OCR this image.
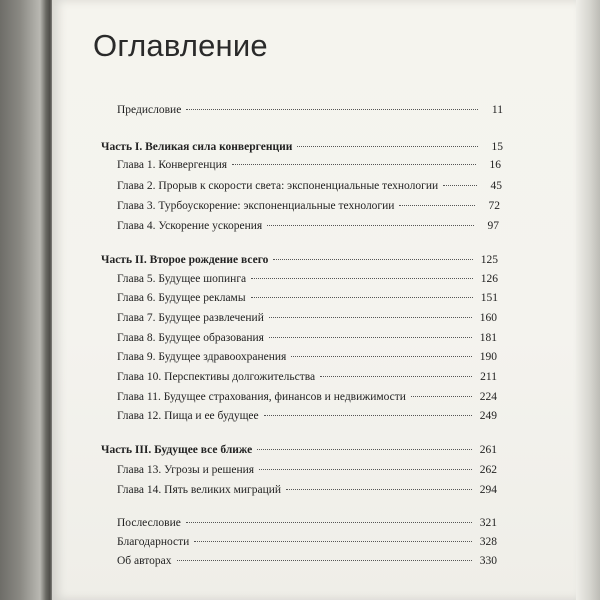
Оглавление
Предисловие	11
Часть I. Великая сила конвергенции	15
Глава 1. Конвергенция	16
Глава 2. Прорыв к скорости света: экспоненциальные технологии	45
Глава 3. Турбоускорение: экспоненциальные технологии	72
Глава 4. Ускорение ускорения	97
Часть II. Второе рождение всего	125
Глава 5. Будущее шопинга	126
Глава 6. Будущее рекламы	151
Глава 7. Будущее развлечений	160
Глава 8. Будущее образования	181
Глава 9. Будущее здравоохранения	190
Глава 10. Перспективы долгожительства	211
Глава 11. Будущее страхования, финансов и недвижимости	224
Глава 12. Пища и ее будущее	249
Часть III. Будущее все ближе	261
Глава 13. Угрозы и решения	262
Глава 14. Пять великих миграций	294
Послесловие	321
Благодарности	328
Об авторах	330
